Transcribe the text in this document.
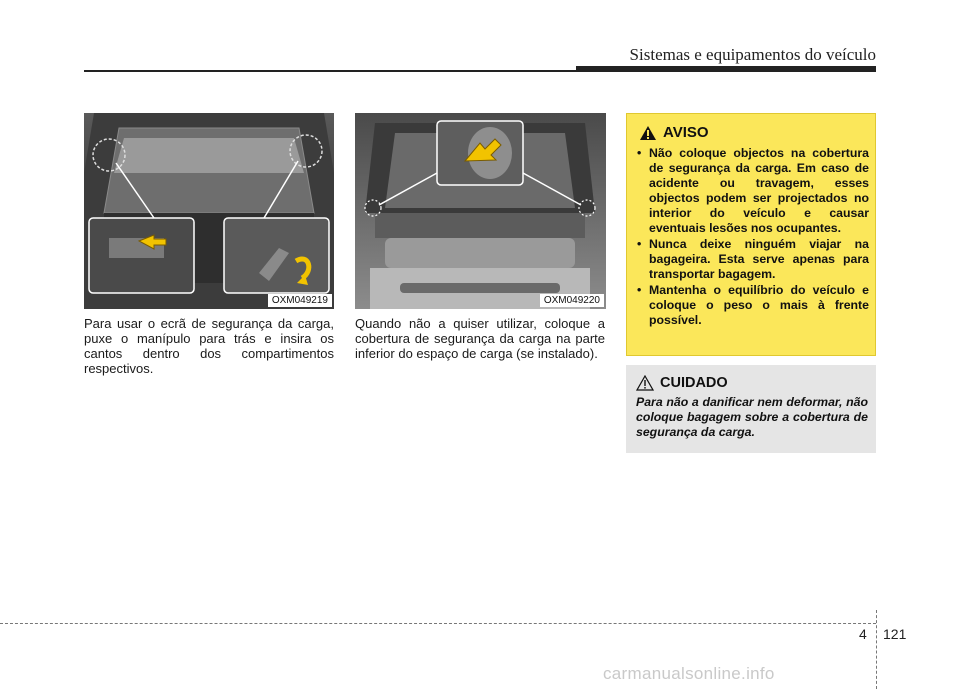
Sistemas e equipamentos do veículo
OXM049219	OXM049220
Para usar o ecrã de segurança da carga, puxe o manípulo para trás e insira os cantos dentro dos compartimentos respectivos.
Quando não a quiser utilizar, coloque a cobertura de segurança da carga na parte inferior do espaço de carga (se instalado).
AVISO
• Não coloque objectos na cobertura de segurança da carga. Em caso de acidente ou travagem, esses objectos podem ser projectados no interior do veículo e causar eventuais lesões nos ocupantes.
• Nunca deixe ninguém viajar na bagageira. Esta serve apenas para transportar bagagem.
• Mantenha o equilíbrio do veículo e coloque o peso o mais à frente possível.
CUIDADO
Para não a danificar nem deformar, não coloque bagagem sobre a cobertura de segurança da carga.
4 121
carmanualsonline.info
